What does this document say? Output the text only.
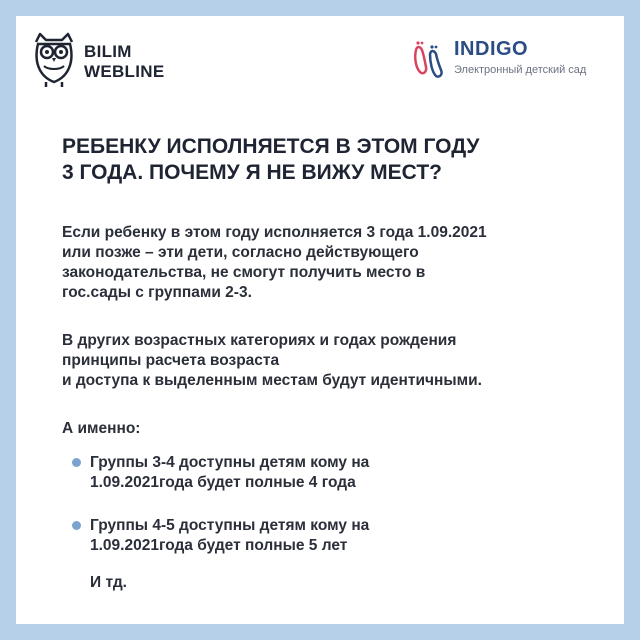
BILIM
WEBLINE
INDIGO
Электронный детский сад
РЕБЕНКУ ИСПОЛНЯЕТСЯ В ЭТОМ ГОДУ
3 ГОДА. ПОЧЕМУ Я НЕ ВИЖУ МЕСТ?
Если ребенку в этом году исполняется 3 года 1.09.2021
или позже – эти дети, согласно действующего
законодательства, не смогут получить место в
гос.сады с группами 2-3.
В других возрастных категориях и годах рождения
принципы расчета возраста
и доступа к выделенным местам будут идентичными.
А именно:
Группы 3-4 доступны детям кому на
1.09.2021года будет полные 4 года
Группы 4-5 доступны детям кому на
1.09.2021года будет полные 5 лет
И тд.
